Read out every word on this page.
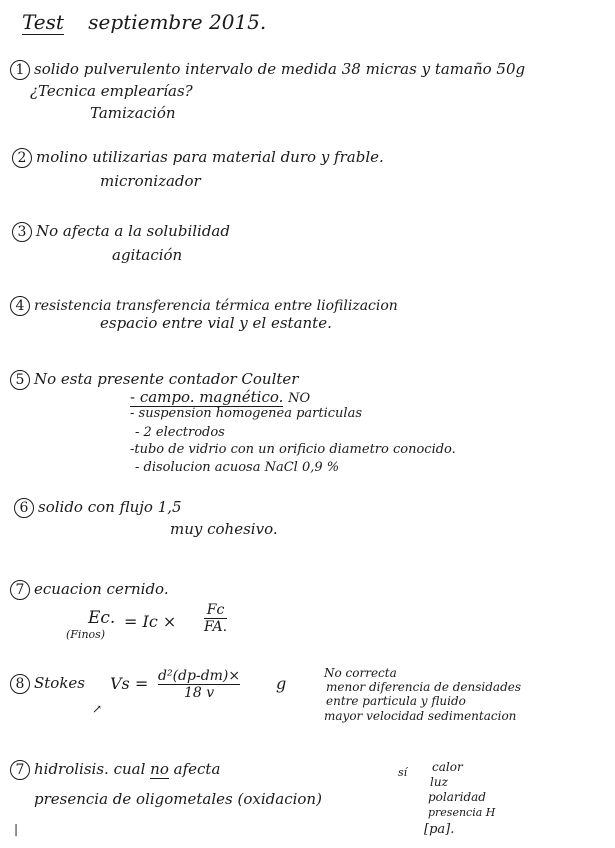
Test septiembre 2015.
1 solido pulverulento intervalo de medida 38 micras y tamaño 50g
¿Tecnica emplearías?
Tamización
2 molino utilizarias para material duro y frable.
micronizador
3 No afecta a la solubilidad
agitación
4 resistencia transferencia térmica entre liofilizacion
espacio entre vial y el estante.
5 No esta presente contador Coulter
- campo. magnético. NO
- suspension homogenea particulas
- 2 electrodos
-tubo de vidrio con un orificio diametro conocido.
- disolucion acuosa NaCl 0,9 %
6 solido con flujo 1,5
muy cohesivo.
7 ecuacion cernido.
Ec.
(Finos)
= Ic ×
Fc
FA.
8 Stokes Vs = d²(dp-dm)×
18 v	g
No correcta
menor diferencia de densidades
entre particula y fluido
mayor velocidad sedimentacion
↗
7 hidrolisis. cual no afecta
presencia de oligometales (oxidacion)
sí calor
luz
polaridad
presencia H
[pa].
|
